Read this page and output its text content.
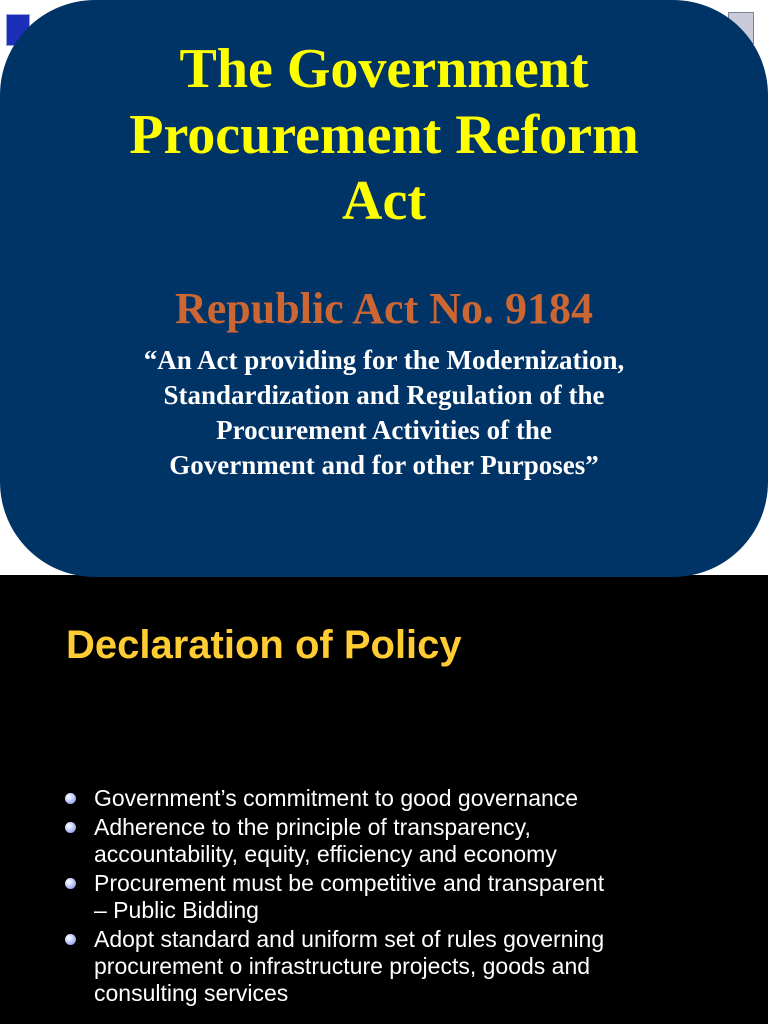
The Government
Procurement Reform
Act
Republic Act No. 9184

“An Act providing for the Modernization,
Standardization and Regulation of the
Procurement Activities of the
Government and for other Purposes”

Declaration of Policy
Government’s commitment to good governance
Adherence to the principle of transparency,
accountability, equity, efficiency and economy
Procurement must be competitive and transparent
– Public Bidding
Adopt standard and uniform set of rules governing
procurement o infrastructure projects, goods and
consulting services
